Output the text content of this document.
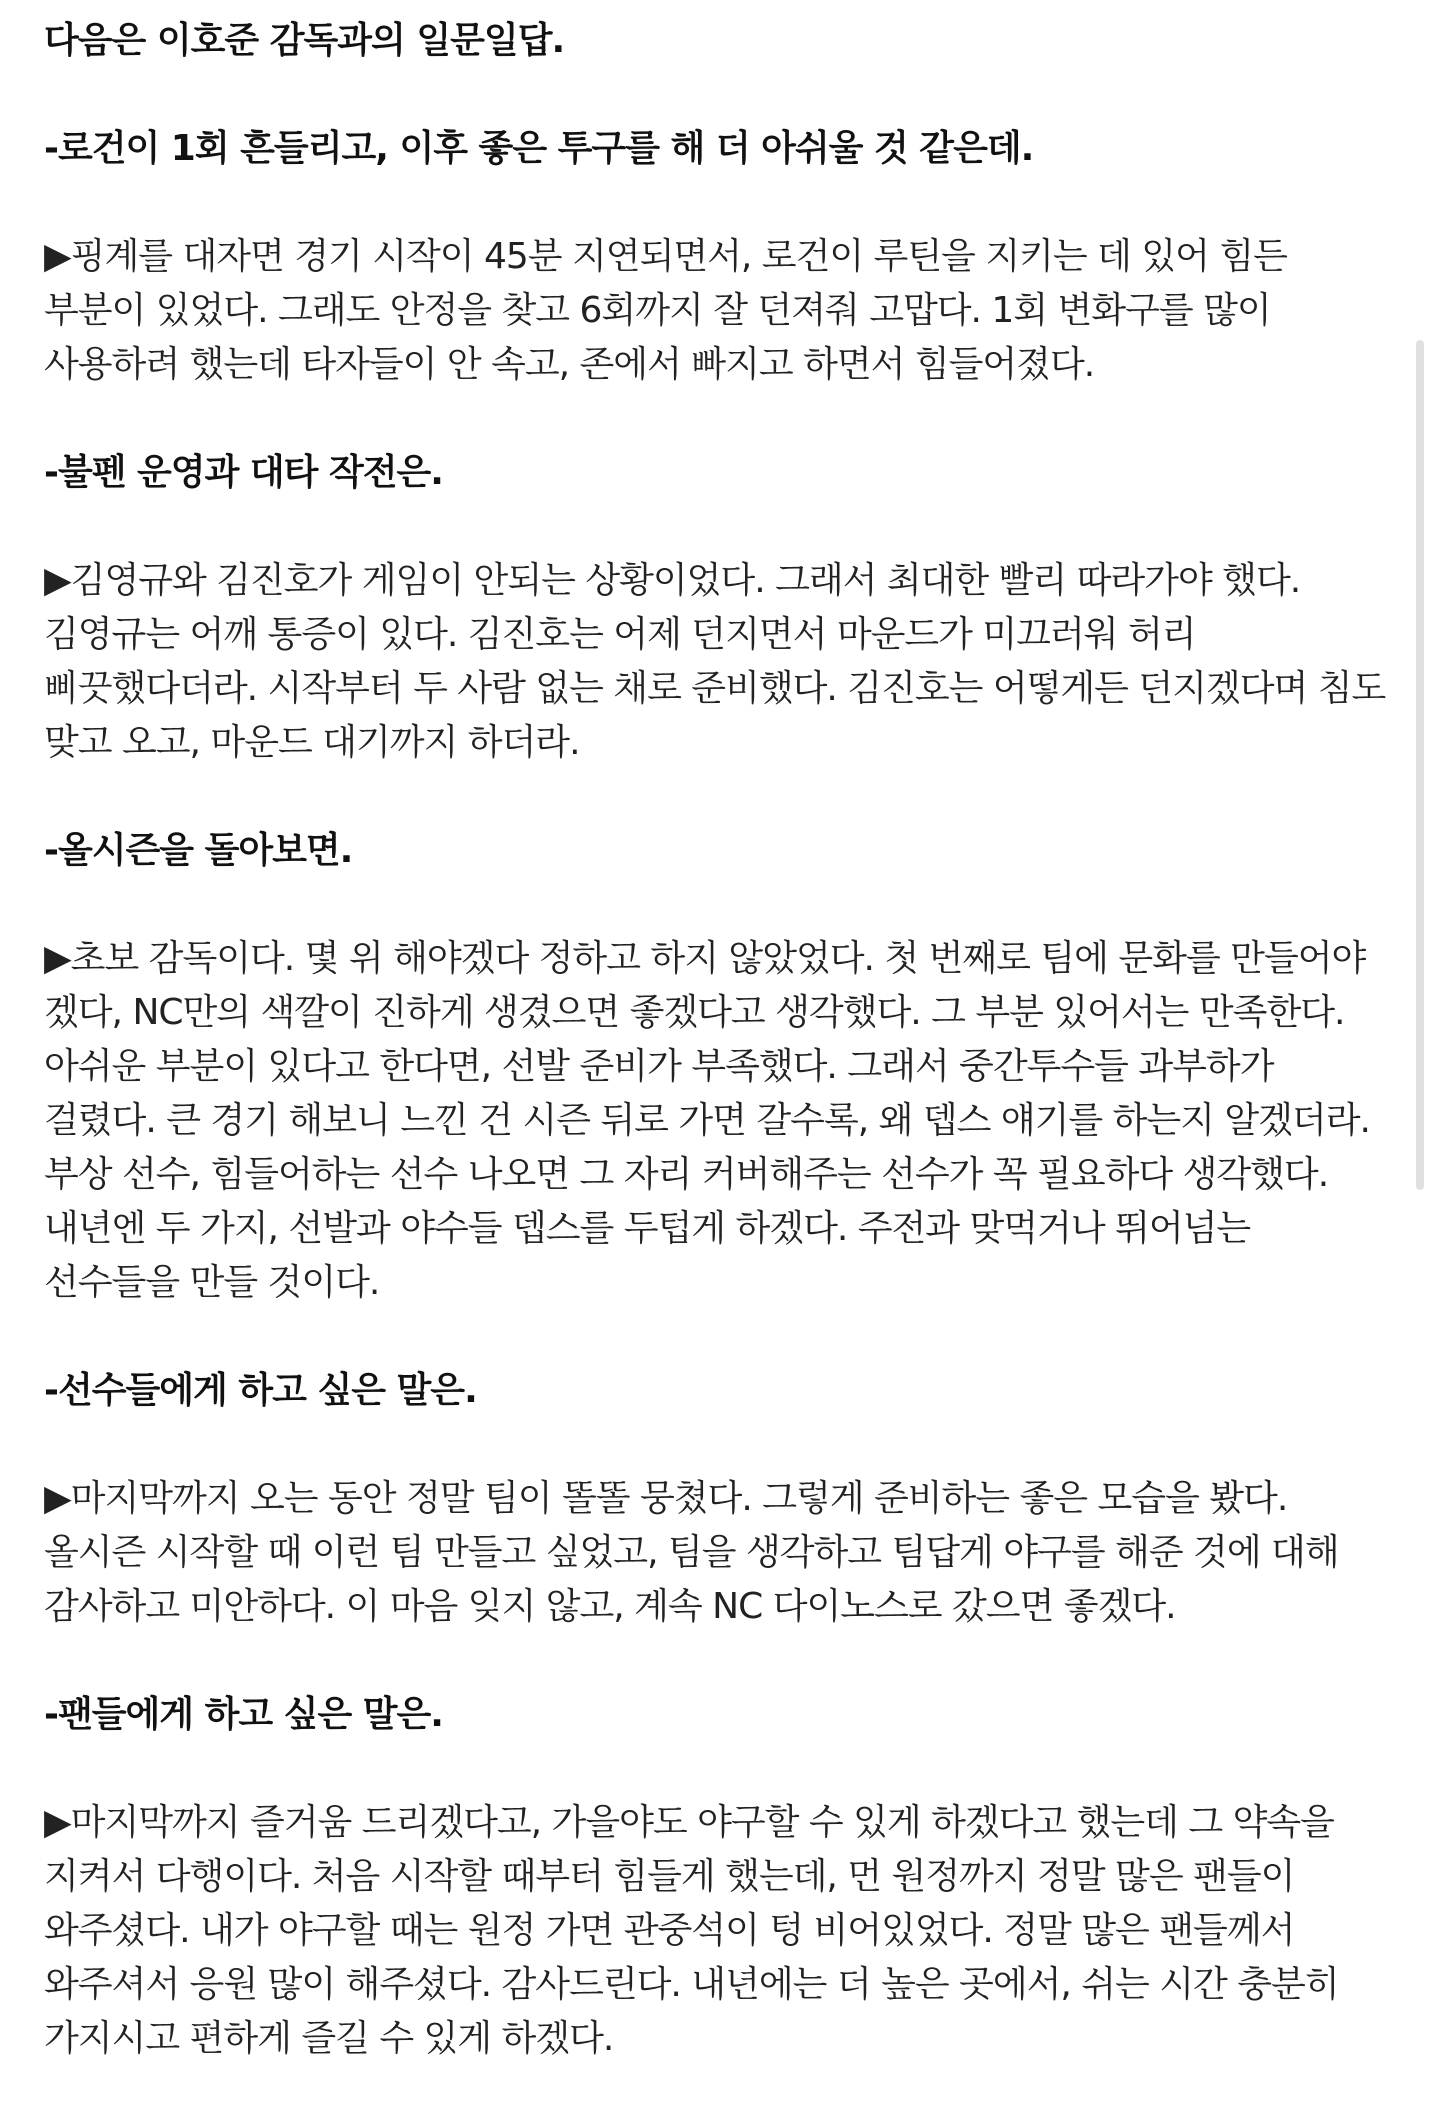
다음은 이호준 감독과의 일문일답.

-로건이 1회 흔들리고, 이후 좋은 투구를 해 더 아쉬울 것 같은데.

▶핑계를 대자면 경기 시작이 45분 지연되면서, 로건이 루틴을 지키는 데 있어 힘든 부분이 있었다. 그래도 안정을 찾고 6회까지 잘 던져줘 고맙다. 1회 변화구를 많이 사용하려 했는데 타자들이 안 속고, 존에서 빠지고 하면서 힘들어졌다.

-불펜 운영과 대타 작전은.

▶김영규와 김진호가 게임이 안되는 상황이었다. 그래서 최대한 빨리 따라가야 했다. 김영규는 어깨 통증이 있다. 김진호는 어제 던지면서 마운드가 미끄러워 허리 삐끗했다더라. 시작부터 두 사람 없는 채로 준비했다. 김진호는 어떻게든 던지겠다며 침도 맞고 오고, 마운드 대기까지 하더라.

-올시즌을 돌아보면.

▶초보 감독이다. 몇 위 해야겠다 정하고 하지 않았었다. 첫 번째로 팀에 문화를 만들어야 겠다, NC만의 색깔이 진하게 생겼으면 좋겠다고 생각했다. 그 부분 있어서는 만족한다. 아쉬운 부분이 있다고 한다면, 선발 준비가 부족했다. 그래서 중간투수들 과부하가 걸렸다. 큰 경기 해보니 느낀 건 시즌 뒤로 가면 갈수록, 왜 뎁스 얘기를 하는지 알겠더라. 부상 선수, 힘들어하는 선수 나오면 그 자리 커버해주는 선수가 꼭 필요하다 생각했다. 내년엔 두 가지, 선발과 야수들 뎁스를 두텁게 하겠다. 주전과 맞먹거나 뛰어넘는 선수들을 만들 것이다.

-선수들에게 하고 싶은 말은.

▶마지막까지 오는 동안 정말 팀이 똘똘 뭉쳤다. 그렇게 준비하는 좋은 모습을 봤다. 올시즌 시작할 때 이런 팀 만들고 싶었고, 팀을 생각하고 팀답게 야구를 해준 것에 대해 감사하고 미안하다. 이 마음 잊지 않고, 계속 NC 다이노스로 갔으면 좋겠다.

-팬들에게 하고 싶은 말은.

▶마지막까지 즐거움 드리겠다고, 가을야도 야구할 수 있게 하겠다고 했는데 그 약속을 지켜서 다행이다. 처음 시작할 때부터 힘들게 했는데, 먼 원정까지 정말 많은 팬들이 와주셨다. 내가 야구할 때는 원정 가면 관중석이 텅 비어있었다. 정말 많은 팬들께서 와주셔서 응원 많이 해주셨다. 감사드린다. 내년에는 더 높은 곳에서, 쉬는 시간 충분히 가지시고 편하게 즐길 수 있게 하겠다.
